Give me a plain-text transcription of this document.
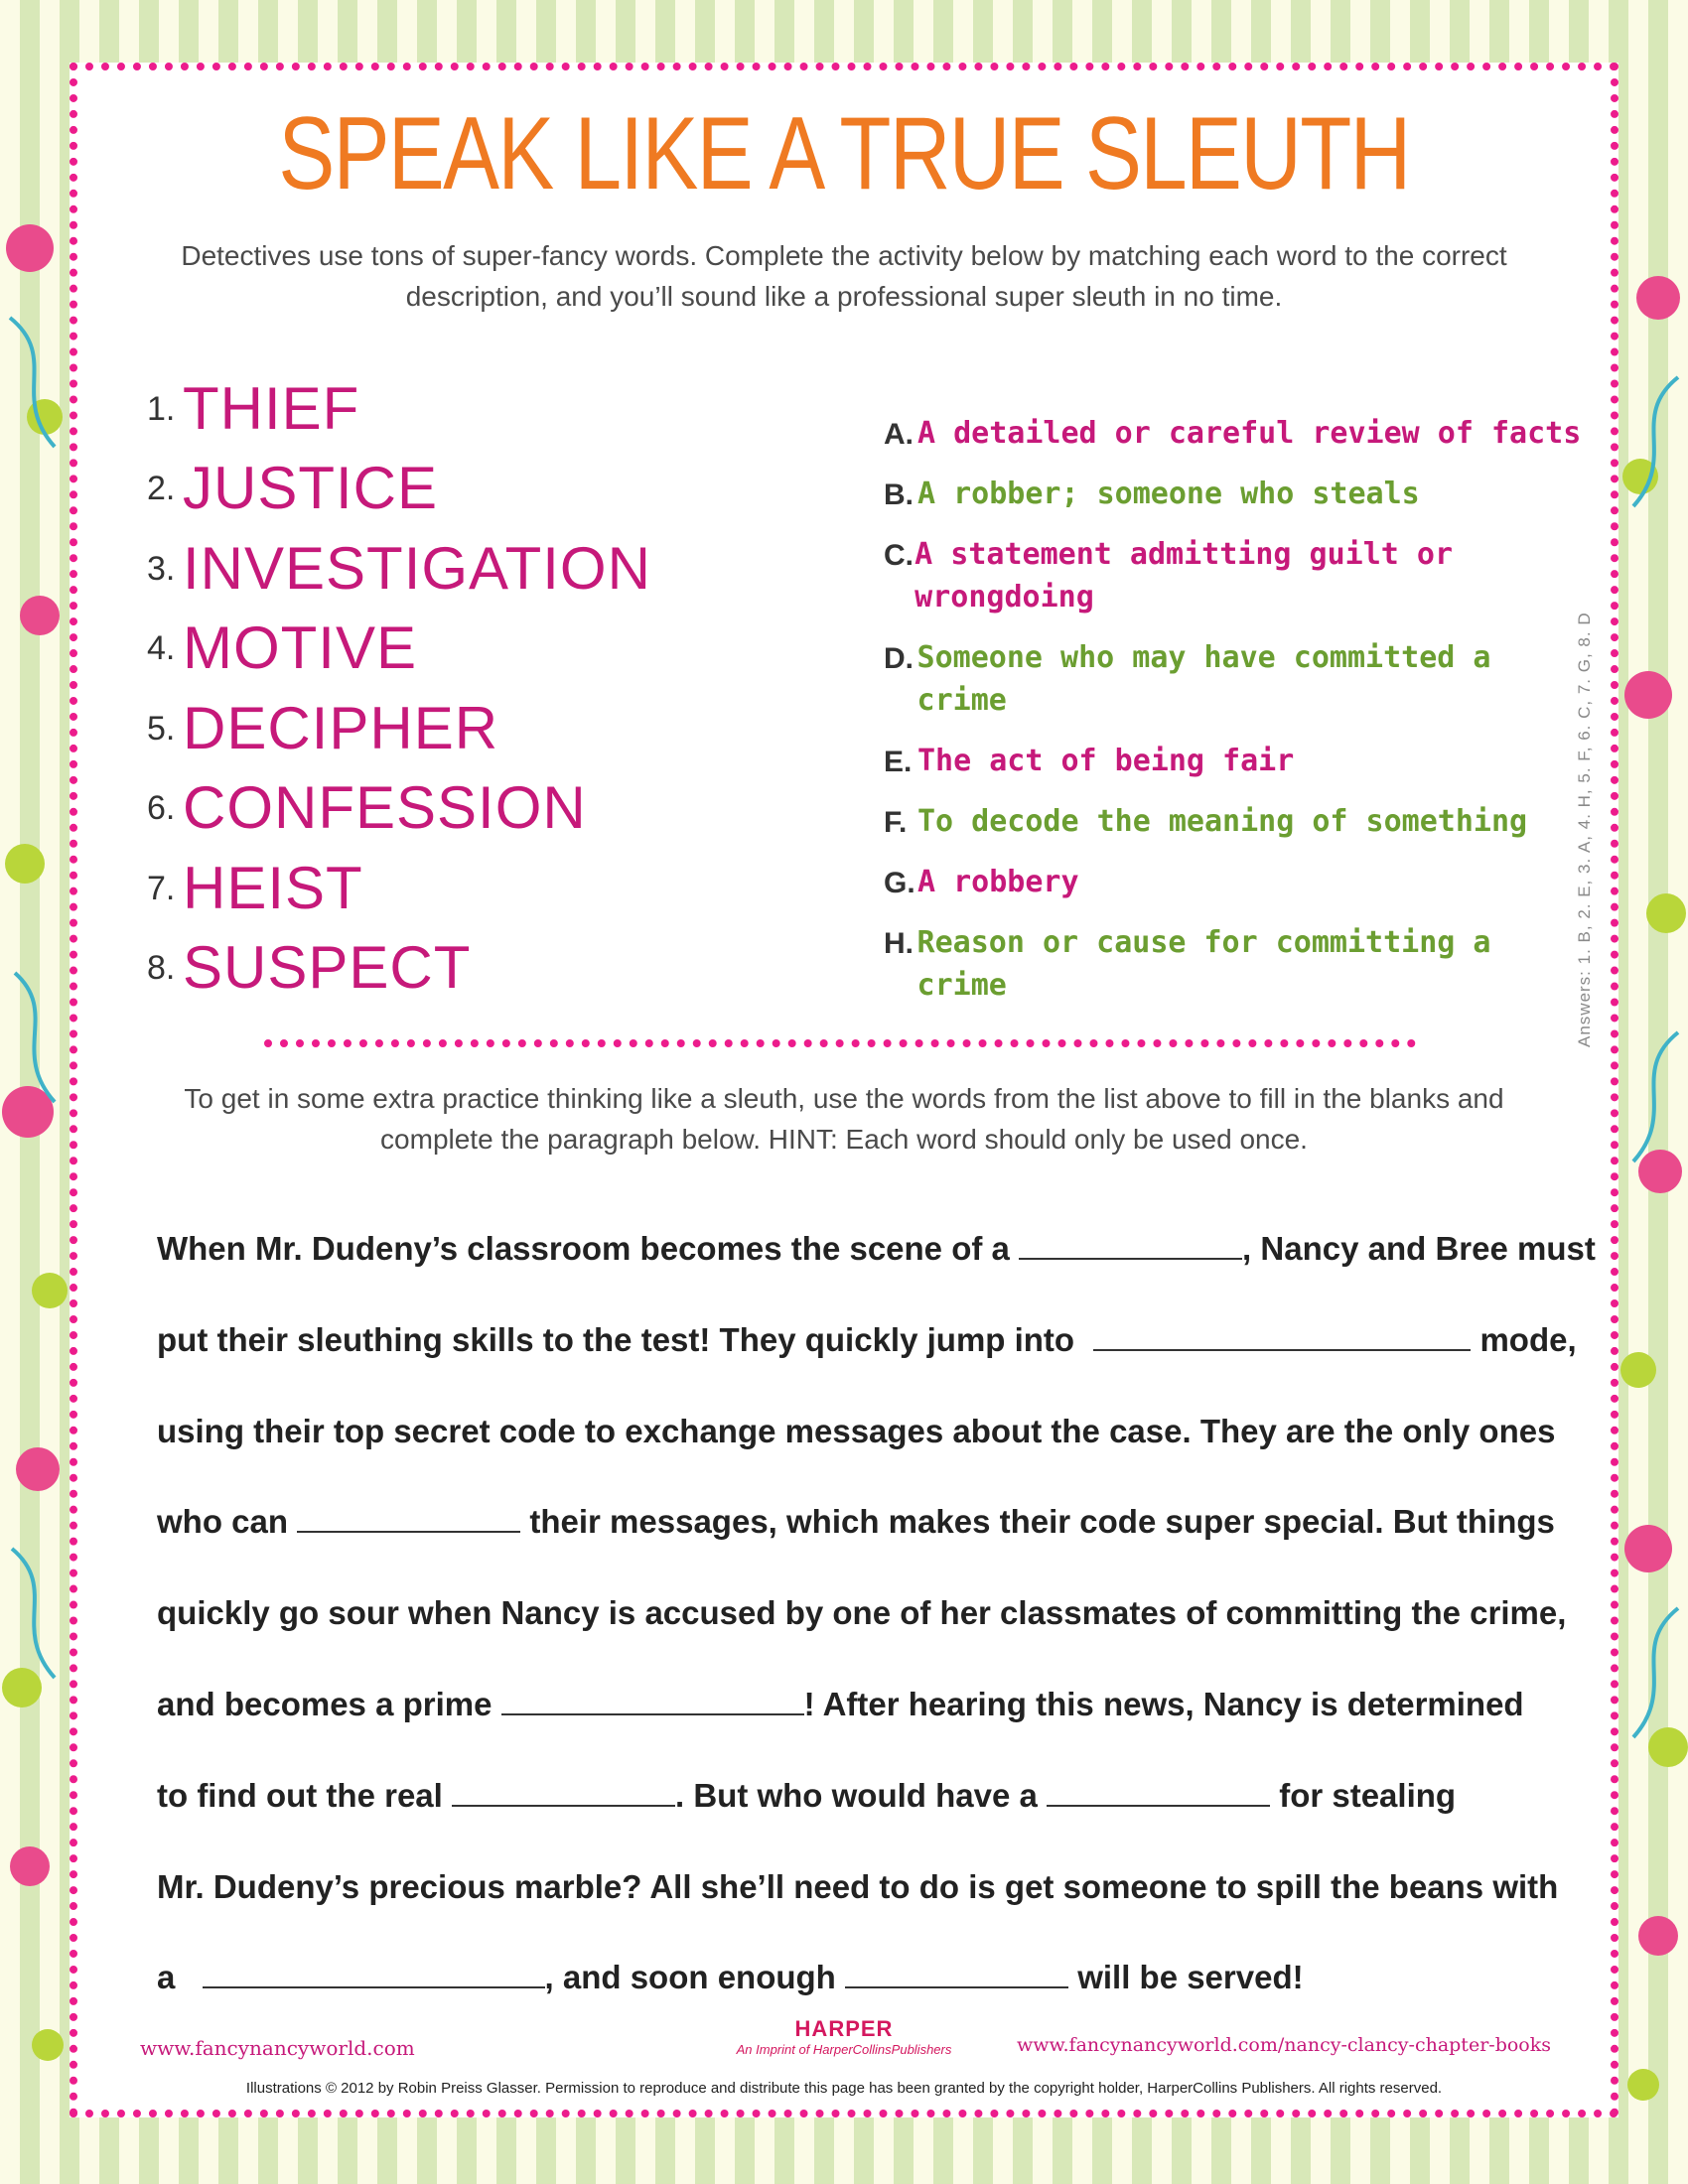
SPEAK LIKE A TRUE SLEUTH
Detectives use tons of super-fancy words. Complete the activity below by matching each word to the correct description, and you’ll sound like a professional super sleuth in no time.
1. THIEF
2. JUSTICE
3. INVESTIGATION
4. MOTIVE
5. DECIPHER
6. CONFESSION
7. HEIST
8. SUSPECT
A. A detailed or careful review of facts
B. A robber; someone who steals
C. A statement admitting guilt or wrongdoing
D. Someone who may have committed a crime
E. The act of being fair
F. To decode the meaning of something
G. A robbery
H. Reason or cause for committing a crime	Answers: 1. B, 2. E, 3. A, 4. H, 5. F, 6. C, 7. G, 8. D
To get in some extra practice thinking like a sleuth, use the words from the list above to fill in the blanks and complete the paragraph below. HINT: Each word should only be used once.
When Mr. Dudeny’s classroom becomes the scene of a	, Nancy and Bree must
put their sleuthing skills to the test! They quickly jump into	mode,
using their top secret code to exchange messages about the case. They are the only ones
who can	their messages, which makes their code super special. But things
quickly go sour when Nancy is accused by one of her classmates of committing the crime,
and becomes a prime	! After hearing this news, Nancy is determined
to find out the real	. But who would have a	for stealing
Mr. Dudeny’s precious marble? All she’ll need to do is get someone to spill the beans with
a	, and soon enough	will be served!
www.fancynancyworld.com
HARPER
An Imprint of HarperCollinsPublishers	www.fancynancyworld.com/nancy-clancy-chapter-books
Illustrations © 2012 by Robin Preiss Glasser. Permission to reproduce and distribute this page has been granted by the copyright holder, HarperCollins Publishers. All rights reserved.
